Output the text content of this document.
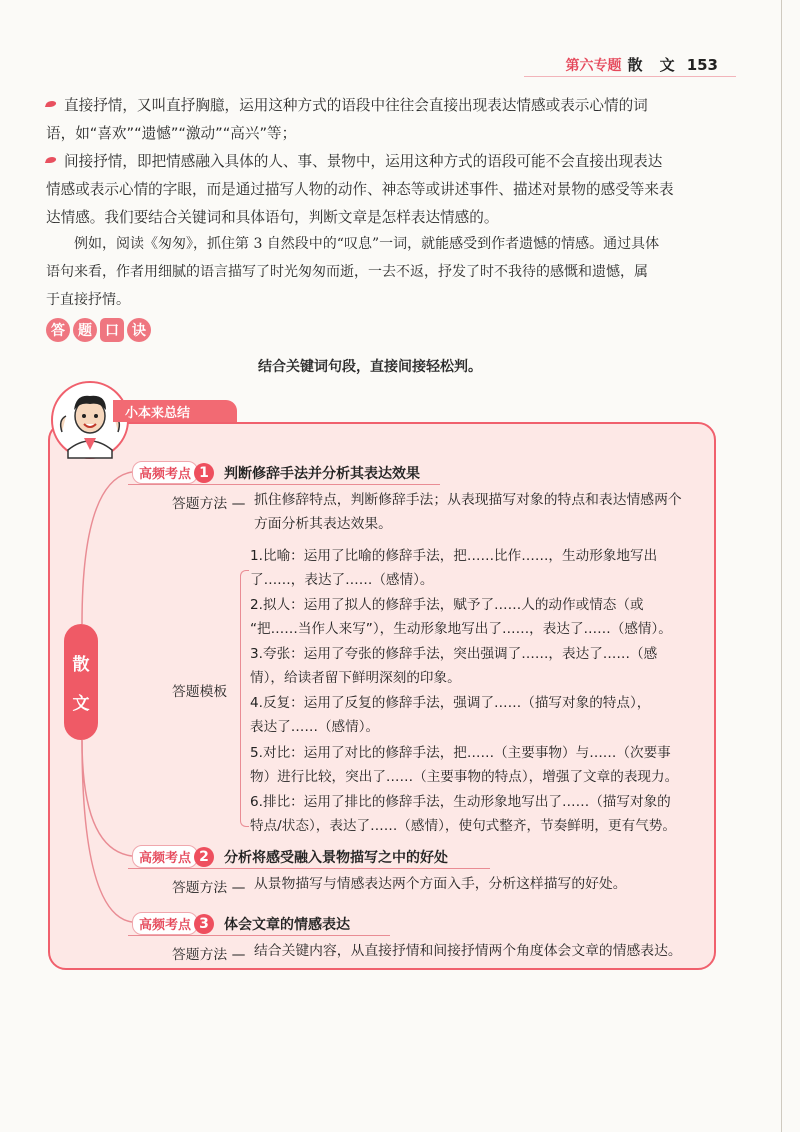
第六专题 散 文 153
直接抒情，又叫直抒胸臆，运用这种方式的语段中往往会直接出现表达情感或表示心情的词
语，如“喜欢”“遗憾”“激动”“高兴”等；
间接抒情，即把情感融入具体的人、事、景物中，运用这种方式的语段可能不会直接出现表达
情感或表示心情的字眼，而是通过描写人物的动作、神态等或讲述事件、描述对景物的感受等来表
达情感。我们要结合关键词和具体语句，判断文章是怎样表达情感的。
例如，阅读《匆匆》，抓住第 3 自然段中的“叹息”一词，就能感受到作者遗憾的情感。通过具体
语句来看，作者用细腻的语言描写了时光匆匆而逝，一去不返，抒发了时不我待的感慨和遗憾，属
于直接抒情。
答 题 口 诀
结合关键词句段，直接间接轻松判。
小本来总结
散
文
高频考点 1	判断修辞手法并分析其表达效果
答题方法 — 抓住修辞特点，判断修辞手法；从表现描写对象的特点和表达情感两个
方面分析其表达效果。
答题模板
1.比喻：运用了比喻的修辞手法，把……比作……，生动形象地写出
了……，表达了……（感情）。
2.拟人：运用了拟人的修辞手法，赋予了……人的动作或情态（或
“把……当作人来写”），生动形象地写出了……，表达了……（感情）。
3.夸张：运用了夸张的修辞手法，突出强调了……，表达了……（感
情），给读者留下鲜明深刻的印象。
4.反复：运用了反复的修辞手法，强调了……（描写对象的特点），
表达了……（感情）。
5.对比：运用了对比的修辞手法，把……（主要事物）与……（次要事
物）进行比较，突出了……（主要事物的特点），增强了文章的表现力。
6.排比：运用了排比的修辞手法，生动形象地写出了……（描写对象的
特点/状态），表达了……（感情），使句式整齐，节奏鲜明，更有气势。
高频考点 2	分析将感受融入景物描写之中的好处
答题方法 — 从景物描写与情感表达两个方面入手，分析这样描写的好处。
高频考点 3	体会文章的情感表达
答题方法 — 结合关键内容，从直接抒情和间接抒情两个角度体会文章的情感表达。
